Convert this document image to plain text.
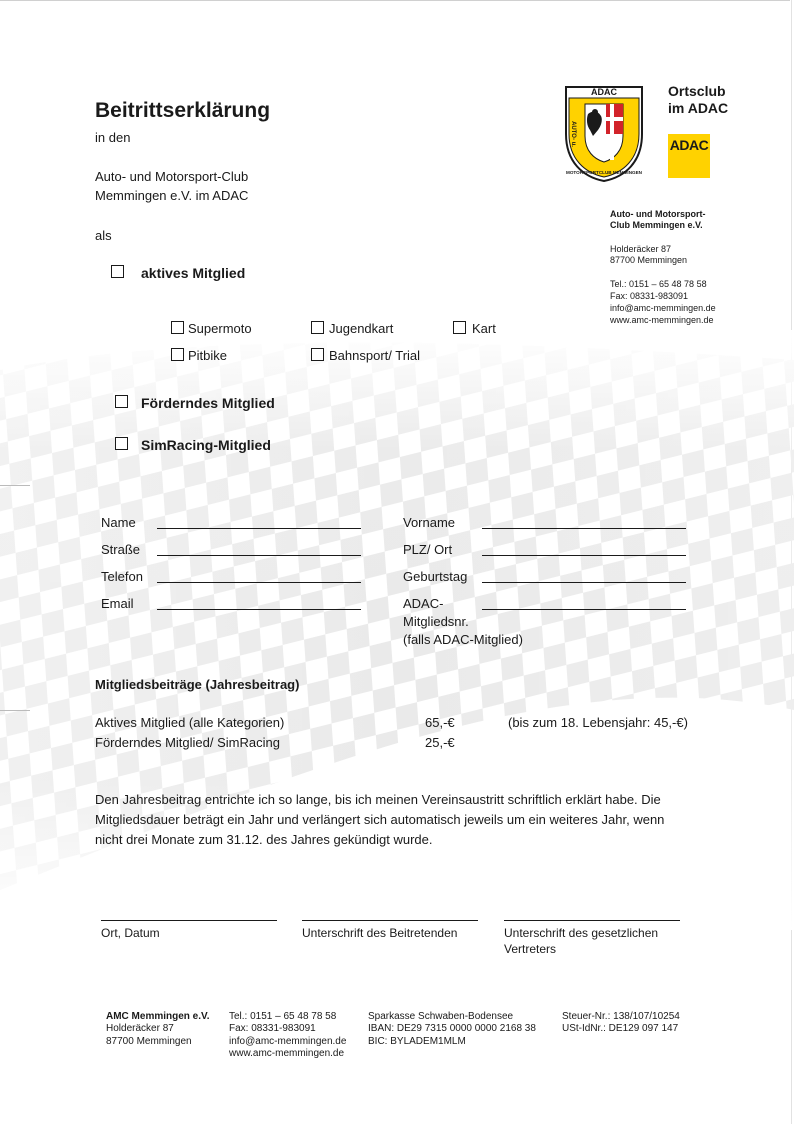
Beitrittserklärung
in den
Auto- und Motorsport-Club
Memmingen e.V. im ADAC
als
ADAC
AUTO- u.
MOTORSPORTCLUB MEMMINGEN
Ortsclub
im ADAC
ADAC
Auto- und Motorsport-
Club Memmingen e.V.
Holderäcker 87
87700 Memmingen
Tel.: 0151 – 65 48 78 58
Fax: 08331-983091
info@amc-memmingen.de
www.amc-memmingen.de
aktives Mitglied
Supermoto	Jugendkart	Kart
Pitbike	Bahnsport/ Trial
Förderndes Mitglied
SimRacing-Mitglied
Name	Vorname
Straße	PLZ/ Ort
Telefon	Geburtstag
Email	ADAC-
Mitgliedsnr.
(falls ADAC-Mitglied)
Mitgliedsbeiträge (Jahresbeitrag)
Aktives Mitglied (alle Kategorien)	65,-€	(bis zum 18. Lebensjahr: 45,-€)
Förderndes Mitglied/ SimRacing	25,-€
Den Jahresbeitrag entrichte ich so lange, bis ich meinen Vereinsaustritt schriftlich erklärt habe. Die
Mitgliedsdauer beträgt ein Jahr und verlängert sich automatisch jeweils um ein weiteres Jahr, wenn
nicht drei Monate zum 31.12. des Jahres gekündigt wurde.
Ort, Datum	Unterschrift des Beitretenden	Unterschrift des gesetzlichen
Vertreters
AMC Memmingen e.V.
Holderäcker 87
87700 Memmingen
Tel.: 0151 – 65 48 78 58
Fax: 08331-983091
info@amc-memmingen.de
www.amc-memmingen.de
Sparkasse Schwaben-Bodensee
IBAN: DE29 7315 0000 0000 2168 38
BIC: BYLADEM1MLM
Steuer-Nr.: 138/107/10254
USt-IdNr.: DE129 097 147
